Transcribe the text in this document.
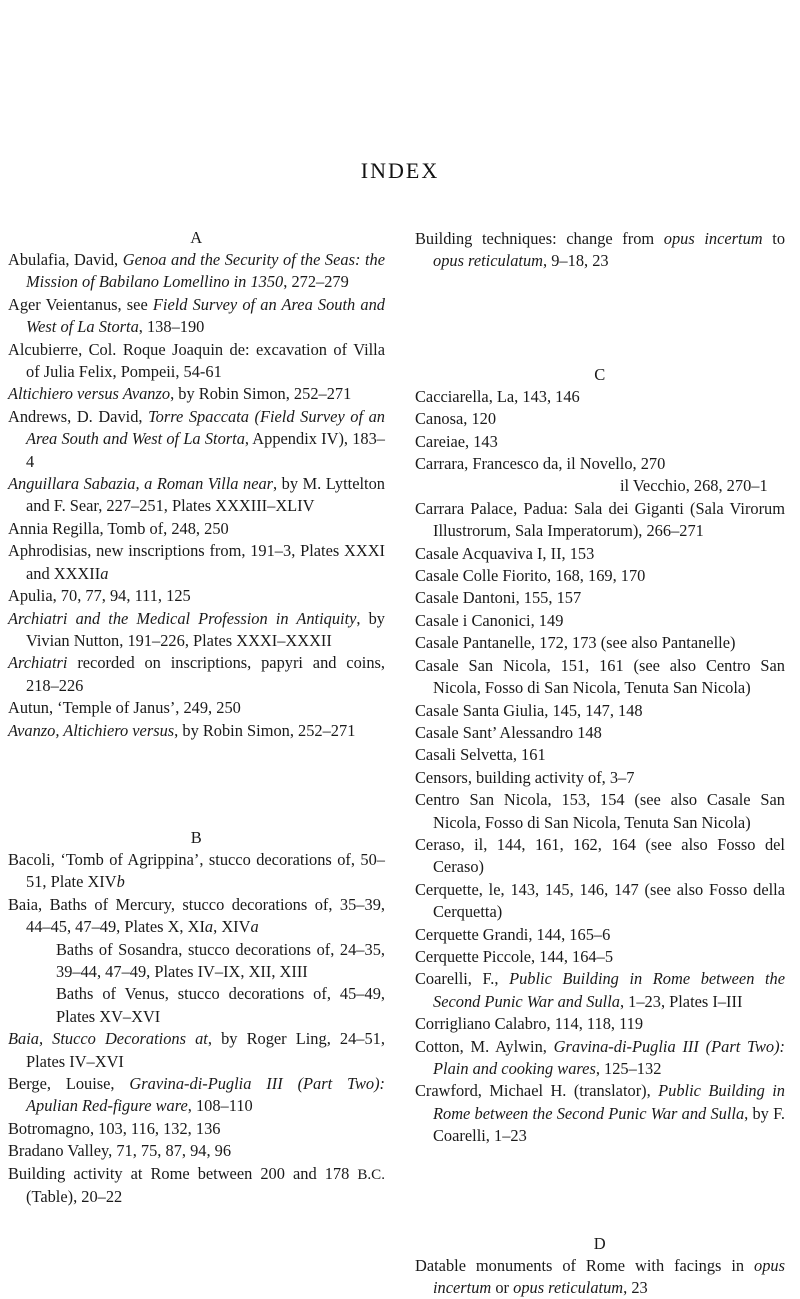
INDEX
A
Abulafia, David, Genoa and the Security of the Seas: the Mission of Babilano Lomellino in 1350, 272–279
Ager Veientanus, see Field Survey of an Area South and West of La Storta, 138–190
Alcubierre, Col. Roque Joaquin de: excavation of Villa of Julia Felix, Pompeii, 54-61
Altichiero versus Avanzo, by Robin Simon, 252–271
Andrews, D. David, Torre Spaccata (Field Survey of an Area South and West of La Storta, Appendix IV), 183–4
Anguillara Sabazia, a Roman Villa near, by M. Lyttelton and F. Sear, 227–251, Plates XXXIII–XLIV
Annia Regilla, Tomb of, 248, 250
Aphrodisias, new inscriptions from, 191–3, Plates XXXI and XXXIIa
Apulia, 70, 77, 94, 111, 125
Archiatri and the Medical Profession in Antiquity, by Vivian Nutton, 191–226, Plates XXXI–XXXII
Archiatri recorded on inscriptions, papyri and coins, 218–226
Autun, ‘Temple of Janus’, 249, 250
Avanzo, Altichiero versus, by Robin Simon, 252–271
B
Bacoli, ‘Tomb of Agrippina’, stucco decorations of, 50–51, Plate XIVb
Baia, Baths of Mercury, stucco decorations of, 35–39, 44–45, 47–49, Plates X, XIa, XIVa
Baths of Sosandra, stucco decorations of, 24–35, 39–44, 47–49, Plates IV–IX, XII, XIII
Baths of Venus, stucco decorations of, 45–49, Plates XV–XVI
Baia, Stucco Decorations at, by Roger Ling, 24–51, Plates IV–XVI
Berge, Louise, Gravina-di-Puglia III (Part Two): Apulian Red-figure ware, 108–110
Botromagno, 103, 116, 132, 136
Bradano Valley, 71, 75, 87, 94, 96
Building activity at Rome between 200 and 178 B.C. (Table), 20–22
Building techniques: change from opus incertum to opus reticulatum, 9–18, 23
C
Cacciarella, La, 143, 146
Canosa, 120
Careiae, 143
Carrara, Francesco da, il Novello, 270
il Vecchio, 268, 270–1
Carrara Palace, Padua: Sala dei Giganti (Sala Virorum Illustrorum, Sala Imperatorum), 266–271
Casale Acquaviva I, II, 153
Casale Colle Fiorito, 168, 169, 170
Casale Dantoni, 155, 157
Casale i Canonici, 149
Casale Pantanelle, 172, 173 (see also Pantanelle)
Casale San Nicola, 151, 161 (see also Centro San Nicola, Fosso di San Nicola, Tenuta San Nicola)
Casale Santa Giulia, 145, 147, 148
Casale Sant’ Alessandro 148
Casali Selvetta, 161
Censors, building activity of, 3–7
Centro San Nicola, 153, 154 (see also Casale San Nicola, Fosso di San Nicola, Tenuta San Nicola)
Ceraso, il, 144, 161, 162, 164 (see also Fosso del Ceraso)
Cerquette, le, 143, 145, 146, 147 (see also Fosso della Cerquetta)
Cerquette Grandi, 144, 165–6
Cerquette Piccole, 144, 164–5
Coarelli, F., Public Building in Rome between the Second Punic War and Sulla, 1–23, Plates I–III
Corrigliano Calabro, 114, 118, 119
Cotton, M. Aylwin, Gravina-di-Puglia III (Part Two): Plain and cooking wares, 125–132
Crawford, Michael H. (translator), Public Building in Rome between the Second Punic War and Sulla, by F. Coarelli, 1–23
D
Datable monuments of Rome with facings in opus incertum or opus reticulatum, 23
